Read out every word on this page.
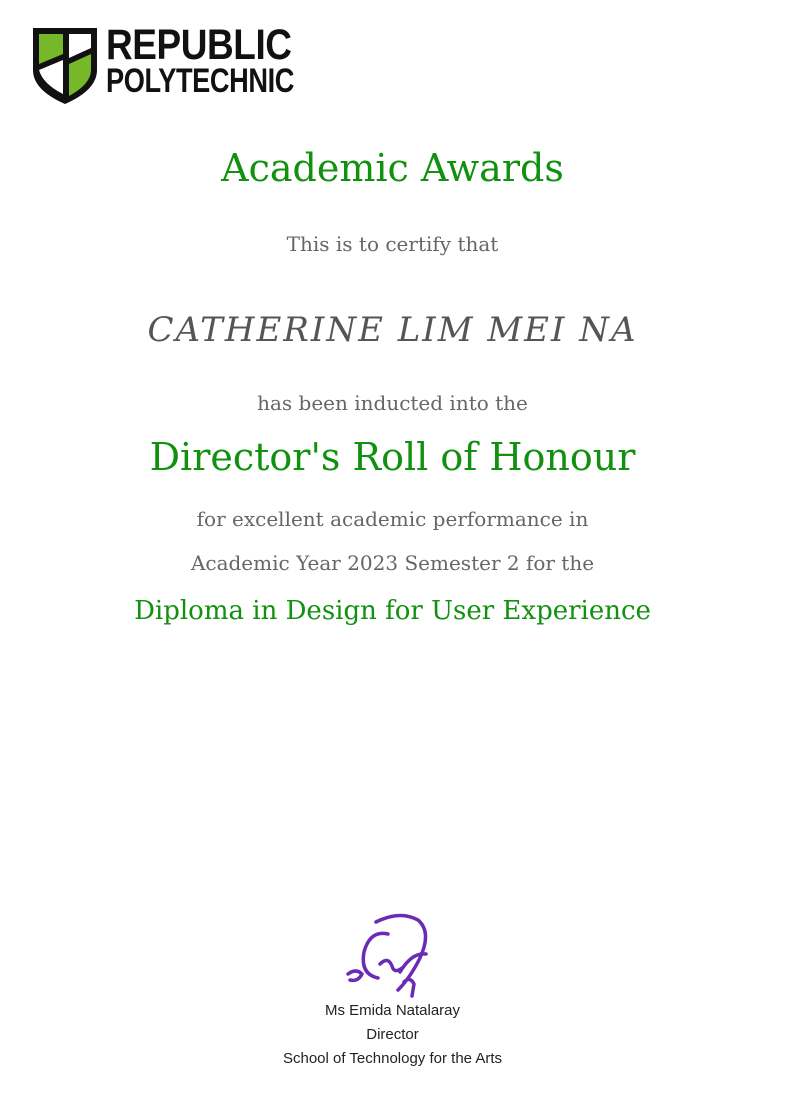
REPUBLIC
POLYTECHNIC
Academic Awards
This is to certify that
CATHERINE LIM MEI NA
has been inducted into the
Director's Roll of Honour
for excellent academic performance in
Academic Year 2023 Semester 2 for the
Diploma in Design for User Experience
Ms Emida Natalaray
Director
School of Technology for the Arts
